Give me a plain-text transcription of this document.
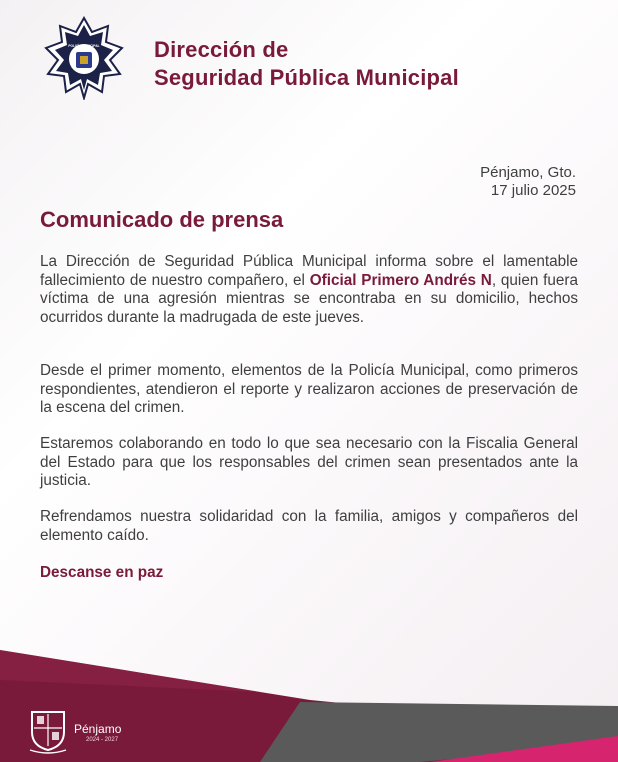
POLICÍA MUNICIPAL Dirección de
Seguridad Pública Municipal
Pénjamo, Gto.
17 julio 2025
Comunicado de prensa
La Dirección de Seguridad Pública Municipal informa sobre el lamentable fallecimiento de nuestro compañero, el Oficial Primero Andrés N, quien fuera víctima de una agresión mientras se encontraba en su domicilio, hechos ocurridos durante la madrugada de este jueves.
Desde el primer momento, elementos de la Policía Municipal, como primeros respondientes, atendieron el reporte y realizaron acciones de preservación de la escena del crimen.
Estaremos colaborando en todo lo que sea necesario con la Fiscalia General del Estado para que los responsables del crimen sean presentados ante la justicia.
Refrendamos nuestra solidaridad con la familia, amigos y compañeros del elemento caído.
Descanse en paz
Pénjamo
2024 - 2027
